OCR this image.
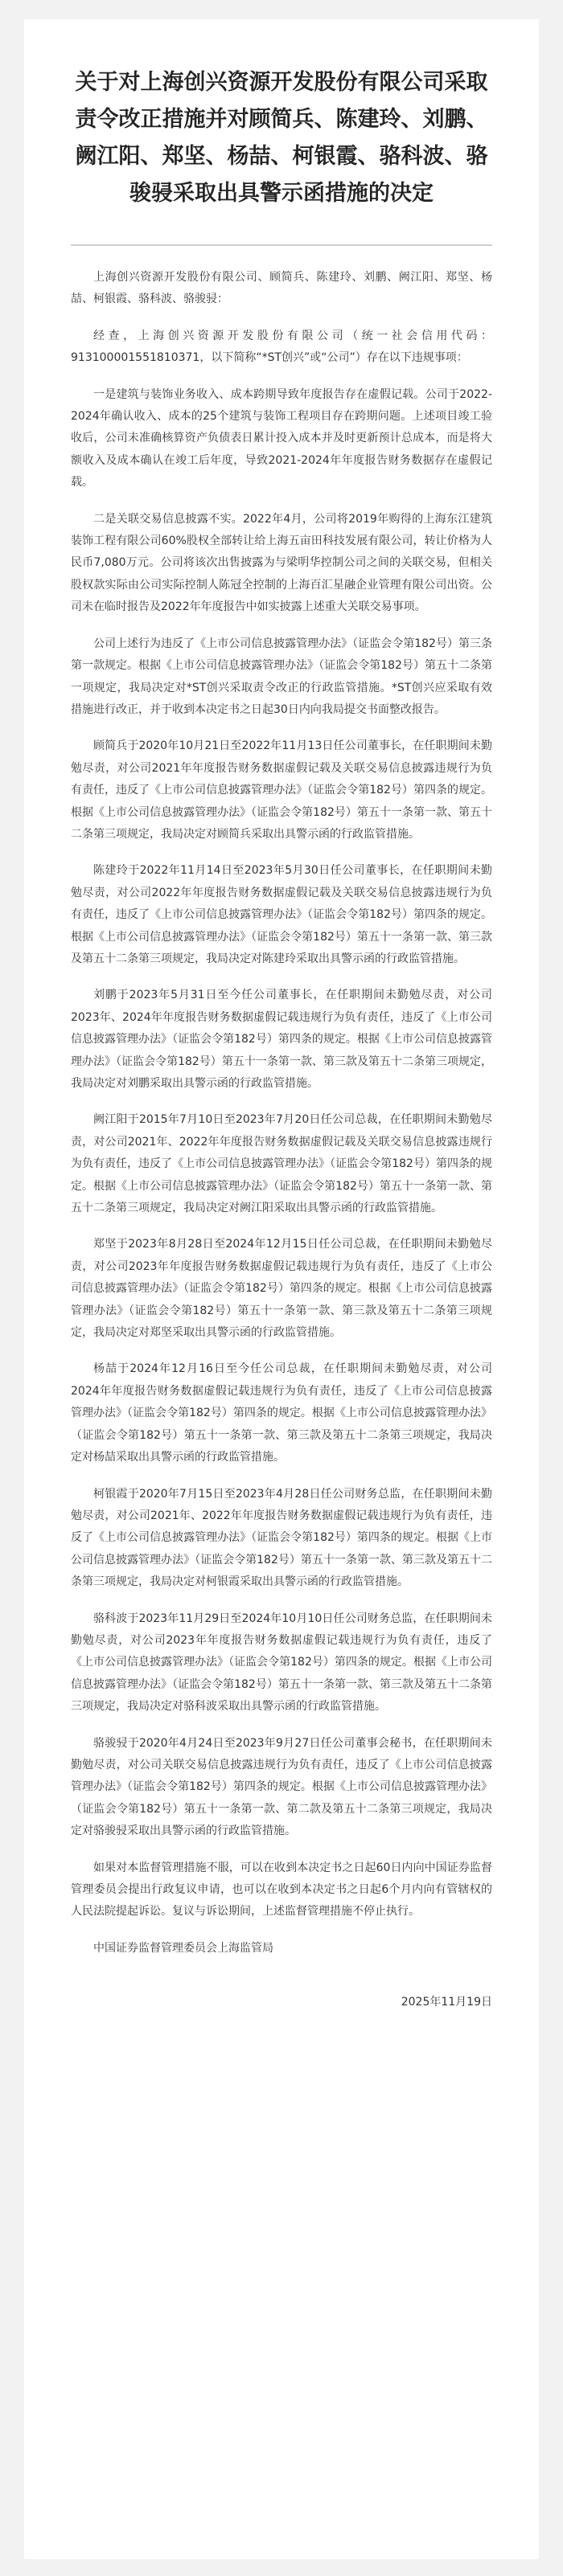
关于对上海创兴资源开发股份有限公司采取责令改正措施并对顾简兵、陈建玲、刘鹏、阙江阳、郑坚、杨喆、柯银霞、骆科波、骆骏骎采取出具警示函措施的决定

上海创兴资源开发股份有限公司、顾简兵、陈建玲、刘鹏、阙江阳、郑坚、杨喆、柯银霞、骆科波、骆骏骎：

经查，上海创兴资源开发股份有限公司（统一社会信用代码：913100001551810371，以下简称“*ST创兴”或“公司”）存在以下违规事项：

一是建筑与装饰业务收入、成本跨期导致年度报告存在虚假记载。公司于2022-2024年确认收入、成本的25个建筑与装饰工程项目存在跨期问题。上述项目竣工验收后，公司未准确核算资产负债表日累计投入成本并及时更新预计总成本，而是将大额收入及成本确认在竣工后年度，导致2021-2024年年度报告财务数据存在虚假记载。

二是关联交易信息披露不实。2022年4月，公司将2019年购得的上海东江建筑装饰工程有限公司60%股权全部转让给上海五亩田科技发展有限公司，转让价格为人民币7,080万元。公司将该次出售披露为与梁明华控制公司之间的关联交易，但相关股权款实际由公司实际控制人陈冠全控制的上海百汇星融企业管理有限公司出资。公司未在临时报告及2022年年度报告中如实披露上述重大关联交易事项。

公司上述行为违反了《上市公司信息披露管理办法》（证监会令第182号）第三条第一款规定。根据《上市公司信息披露管理办法》（证监会令第182号）第五十二条第一项规定，我局决定对*ST创兴采取责令改正的行政监管措施。*ST创兴应采取有效措施进行改正，并于收到本决定书之日起30日内向我局提交书面整改报告。

顾简兵于2020年10月21日至2022年11月13日任公司董事长，在任职期间未勤勉尽责，对公司2021年年度报告财务数据虚假记载及关联交易信息披露违规行为负有责任，违反了《上市公司信息披露管理办法》（证监会令第182号）第四条的规定。根据《上市公司信息披露管理办法》（证监会令第182号）第五十一条第一款、第五十二条第三项规定，我局决定对顾简兵采取出具警示函的行政监管措施。

陈建玲于2022年11月14日至2023年5月30日任公司董事长，在任职期间未勤勉尽责，对公司2022年年度报告财务数据虚假记载及关联交易信息披露违规行为负有责任，违反了《上市公司信息披露管理办法》（证监会令第182号）第四条的规定。根据《上市公司信息披露管理办法》（证监会令第182号）第五十一条第一款、第三款及第五十二条第三项规定，我局决定对陈建玲采取出具警示函的行政监管措施。

刘鹏于2023年5月31日至今任公司董事长，在任职期间未勤勉尽责，对公司2023年、2024年年度报告财务数据虚假记载违规行为负有责任，违反了《上市公司信息披露管理办法》（证监会令第182号）第四条的规定。根据《上市公司信息披露管理办法》（证监会令第182号）第五十一条第一款、第三款及第五十二条第三项规定，我局决定对刘鹏采取出具警示函的行政监管措施。

阙江阳于2015年7月10日至2023年7月20日任公司总裁，在任职期间未勤勉尽责，对公司2021年、2022年年度报告财务数据虚假记载及关联交易信息披露违规行为负有责任，违反了《上市公司信息披露管理办法》（证监会令第182号）第四条的规定。根据《上市公司信息披露管理办法》（证监会令第182号）第五十一条第一款、第五十二条第三项规定，我局决定对阙江阳采取出具警示函的行政监管措施。

郑坚于2023年8月28日至2024年12月15日任公司总裁，在任职期间未勤勉尽责，对公司2023年年度报告财务数据虚假记载违规行为负有责任，违反了《上市公司信息披露管理办法》（证监会令第182号）第四条的规定。根据《上市公司信息披露管理办法》（证监会令第182号）第五十一条第一款、第三款及第五十二条第三项规定，我局决定对郑坚采取出具警示函的行政监管措施。

杨喆于2024年12月16日至今任公司总裁，在任职期间未勤勉尽责，对公司2024年年度报告财务数据虚假记载违规行为负有责任，违反了《上市公司信息披露管理办法》（证监会令第182号）第四条的规定。根据《上市公司信息披露管理办法》（证监会令第182号）第五十一条第一款、第三款及第五十二条第三项规定，我局决定对杨喆采取出具警示函的行政监管措施。

柯银霞于2020年7月15日至2023年4月28日任公司财务总监，在任职期间未勤勉尽责，对公司2021年、2022年年度报告财务数据虚假记载违规行为负有责任，违反了《上市公司信息披露管理办法》（证监会令第182号）第四条的规定。根据《上市公司信息披露管理办法》（证监会令第182号）第五十一条第一款、第三款及第五十二条第三项规定，我局决定对柯银霞采取出具警示函的行政监管措施。

骆科波于2023年11月29日至2024年10月10日任公司财务总监，在任职期间未勤勉尽责，对公司2023年年度报告财务数据虚假记载违规行为负有责任，违反了《上市公司信息披露管理办法》（证监会令第182号）第四条的规定。根据《上市公司信息披露管理办法》（证监会令第182号）第五十一条第一款、第三款及第五十二条第三项规定，我局决定对骆科波采取出具警示函的行政监管措施。

骆骏骎于2020年4月24日至2023年9月27日任公司董事会秘书，在任职期间未勤勉尽责，对公司关联交易信息披露违规行为负有责任，违反了《上市公司信息披露管理办法》（证监会令第182号）第四条的规定。根据《上市公司信息披露管理办法》（证监会令第182号）第五十一条第一款、第二款及第五十二条第三项规定，我局决定对骆骏骎采取出具警示函的行政监管措施。

如果对本监督管理措施不服，可以在收到本决定书之日起60日内向中国证券监督管理委员会提出行政复议申请，也可以在收到本决定书之日起6个月内向有管辖权的人民法院提起诉讼。复议与诉讼期间，上述监督管理措施不停止执行。

中国证券监督管理委员会上海监管局

2025年11月19日
